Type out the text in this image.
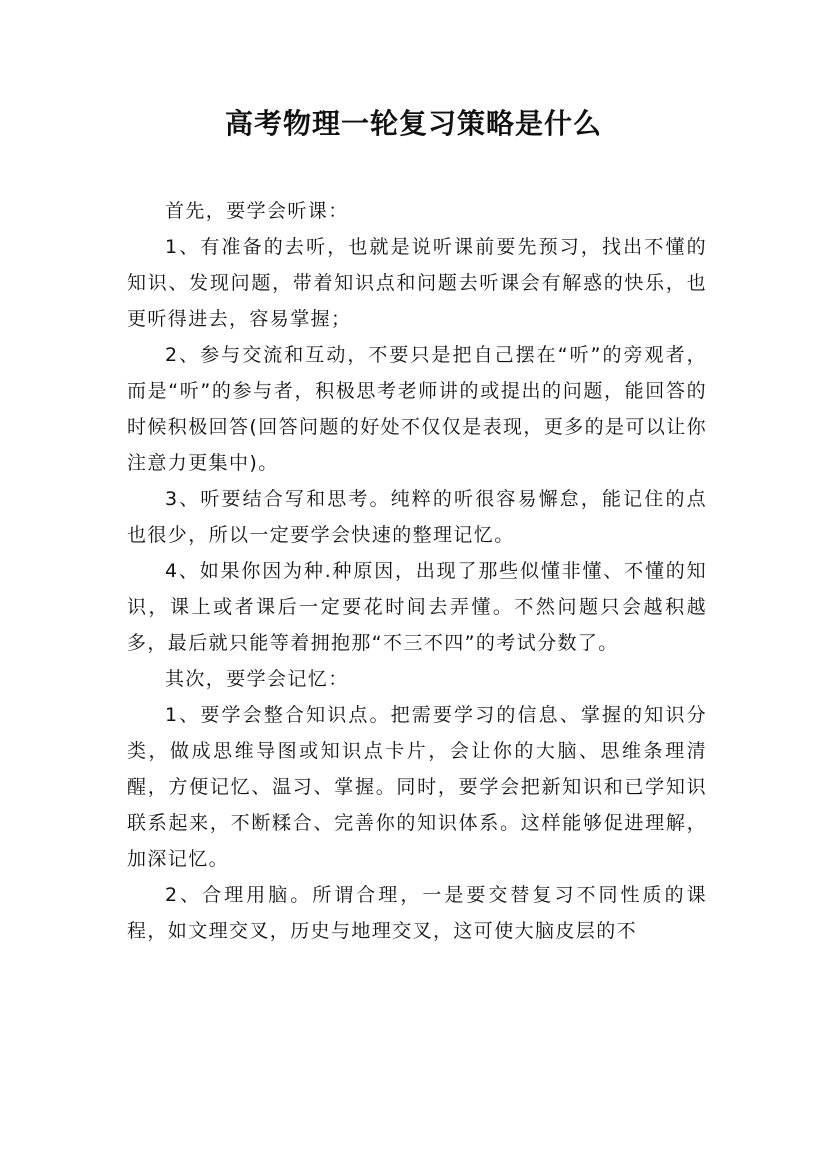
高考物理一轮复习策略是什么

首先，要学会听课：

1、有准备的去听，也就是说听课前要先预习，找出不懂的知识、发现问题，带着知识点和问题去听课会有解惑的快乐，也更听得进去，容易掌握；

2、参与交流和互动，不要只是把自己摆在“听”的旁观者，而是“听”的参与者，积极思考老师讲的或提出的问题，能回答的时候积极回答(回答问题的好处不仅仅是表现，更多的是可以让你注意力更集中)。

3、听要结合写和思考。纯粹的听很容易懈怠，能记住的点也很少，所以一定要学会快速的整理记忆。

4、如果你因为种.种原因，出现了那些似懂非懂、不懂的知识，课上或者课后一定要花时间去弄懂。不然问题只会越积越多，最后就只能等着拥抱那“不三不四”的考试分数了。

其次，要学会记忆：

1、要学会整合知识点。把需要学习的信息、掌握的知识分类，做成思维导图或知识点卡片，会让你的大脑、思维条理清醒，方便记忆、温习、掌握。同时，要学会把新知识和已学知识联系起来，不断糅合、完善你的知识体系。这样能够促进理解，加深记忆。

2、合理用脑。所谓合理，一是要交替复习不同性质的课程，如文理交叉，历史与地理交叉，这可使大脑皮层的不
